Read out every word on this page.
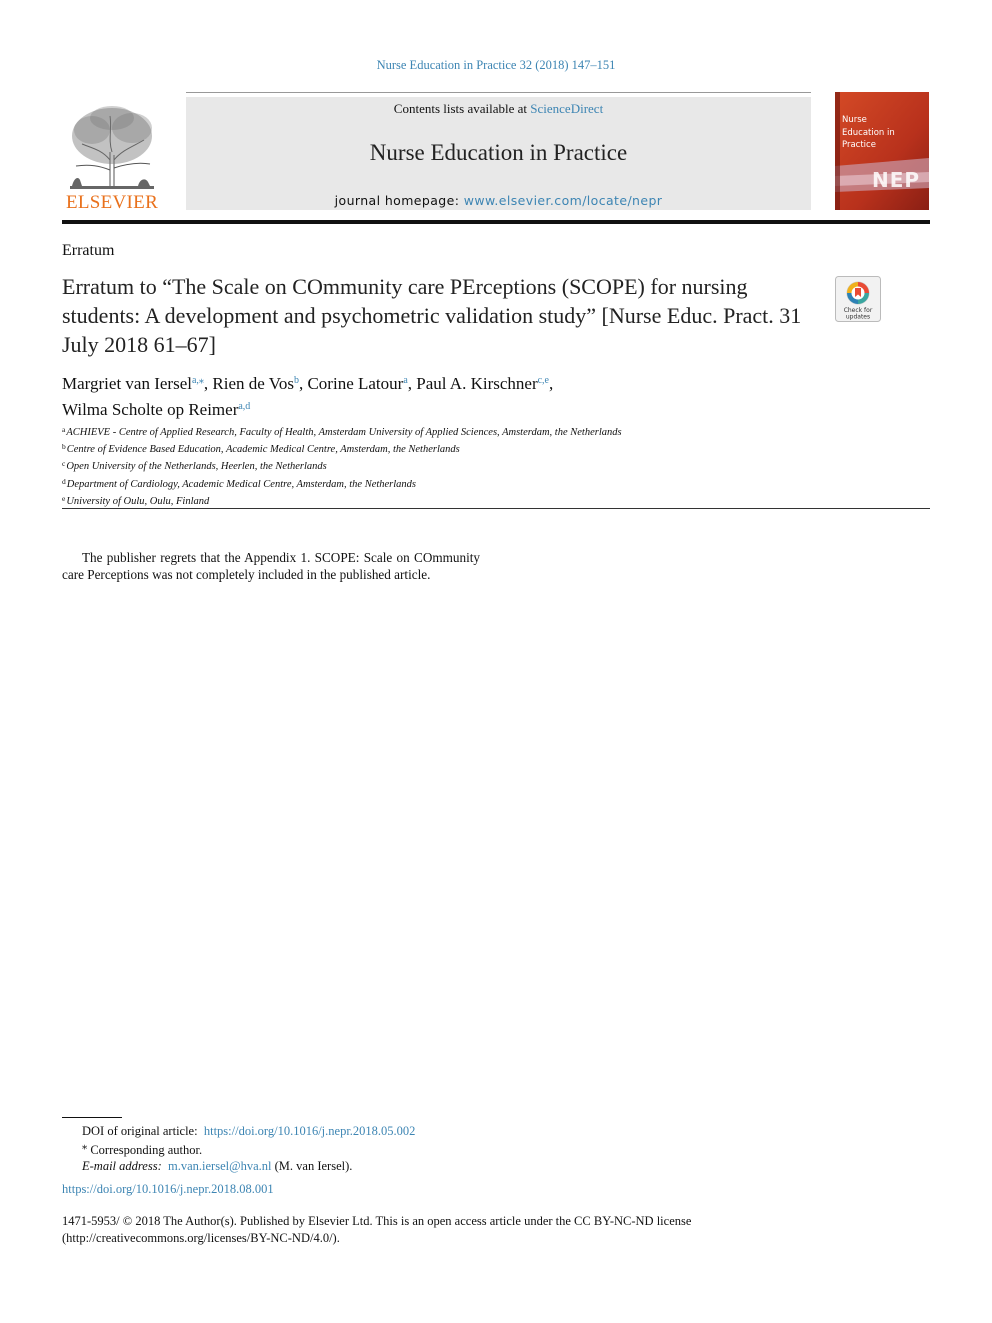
Nurse Education in Practice 32 (2018) 147–151
ELSEVIER
Contents lists available at ScienceDirect
Nurse Education in Practice
journal homepage: www.elsevier.com/locate/nepr
Nurse
Education in
Practice
NEP
Erratum
Erratum to “The Scale on COmmunity care PErceptions (SCOPE) for nursing students: A development and psychometric validation study” [Nurse Educ. Pract. 31 July 2018 61–67]
Check for
updates
Margriet van Iersel$^{a,⁎}$, Rien de Vos$^b$, Corine Latour$^a$, Paul A. Kirschner$^{c,e}$,
Wilma Scholte op Reimer$^{a,d}$
$^a$ACHIEVE - Centre of Applied Research, Faculty of Health, Amsterdam University of Applied Sciences, Amsterdam, the Netherlands
$^b$Centre of Evidence Based Education, Academic Medical Centre, Amsterdam, the Netherlands
$^c$Open University of the Netherlands, Heerlen, the Netherlands
$^d$Department of Cardiology, Academic Medical Centre, Amsterdam, the Netherlands
$^e$University of Oulu, Oulu, Finland

The publisher regrets that the Appendix 1. SCOPE: Scale on COmmunity care Perceptions was not completely included in the published article.

DOI of original article: https://doi.org/10.1016/j.nepr.2018.05.002
⁎ Corresponding author.
E-mail address: m.van.iersel@hva.nl (M. van Iersel).
https://doi.org/10.1016/j.nepr.2018.08.001
1471-5953/ © 2018 The Author(s). Published by Elsevier Ltd. This is an open access article under the CC BY-NC-ND license
(http://creativecommons.org/licenses/BY-NC-ND/4.0/).
